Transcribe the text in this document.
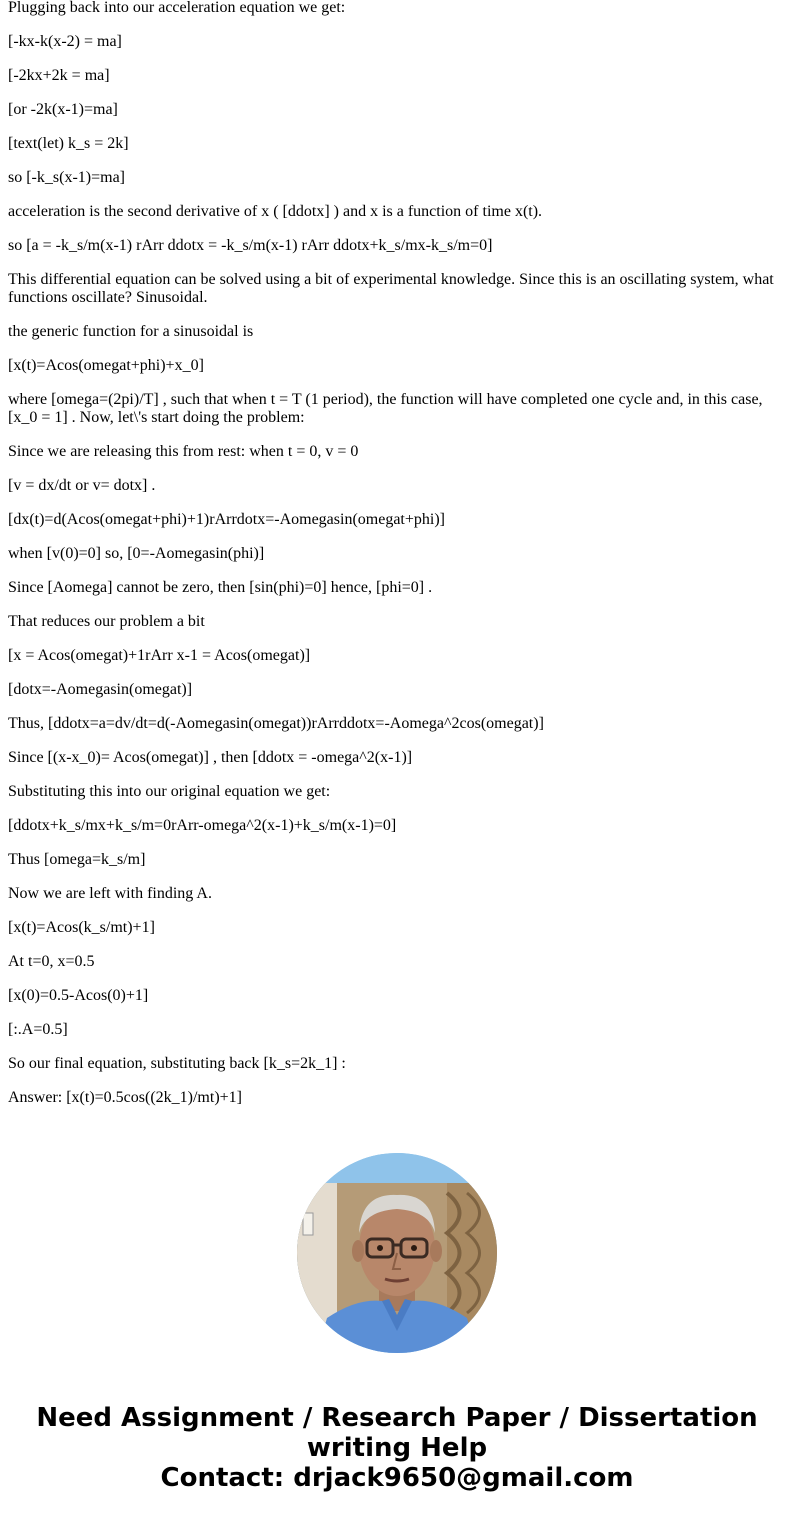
Plugging back into our acceleration equation we get:

[-kx-k(x-2) = ma]

[-2kx+2k = ma]

[or -2k(x-1)=ma]

[text(let) k_s = 2k]

so [-k_s(x-1)=ma]

acceleration is the second derivative of x ( [ddotx] ) and x is a function of time x(t).

so [a = -k_s/m(x-1) rArr ddotx = -k_s/m(x-1) rArr ddotx+k_s/mx-k_s/m=0]

This differential equation can be solved using a bit of experimental knowledge. Since this is an oscillating system, what functions oscillate? Sinusoidal.

the generic function for a sinusoidal is

[x(t)=Acos(omegat+phi)+x_0]

where [omega=(2pi)/T] , such that when t = T (1 period), the function will have completed one cycle and, in this case, [x_0 = 1] . Now, let\'s start doing the problem:

Since we are releasing this from rest: when t = 0, v = 0

[v = dx/dt or v= dotx] .

[dx(t)=d(Acos(omegat+phi)+1)rArrdotx=-Aomegasin(omegat+phi)]

when [v(0)=0] so, [0=-Aomegasin(phi)]

Since [Aomega] cannot be zero, then [sin(phi)=0] hence, [phi=0] .

That reduces our problem a bit

[x = Acos(omegat)+1rArr x-1 = Acos(omegat)]

[dotx=-Aomegasin(omegat)]

Thus, [ddotx=a=dv/dt=d(-Aomegasin(omegat))rArrddotx=-Aomega^2cos(omegat)]

Since [(x-x_0)= Acos(omegat)] , then [ddotx = -omega^2(x-1)]

Substituting this into our original equation we get:

[ddotx+k_s/mx+k_s/m=0rArr-omega^2(x-1)+k_s/m(x-1)=0]

Thus [omega=k_s/m]

Now we are left with finding A.

[x(t)=Acos(k_s/mt)+1]

At t=0, x=0.5

[x(0)=0.5-Acos(0)+1]

[:.A=0.5]

So our final equation, substituting back [k_s=2k_1] :

Answer: [x(t)=0.5cos((2k_1)/mt)+1]

Need Assignment / Research Paper / Dissertation
writing Help
Contact: drjack9650@gmail.com
